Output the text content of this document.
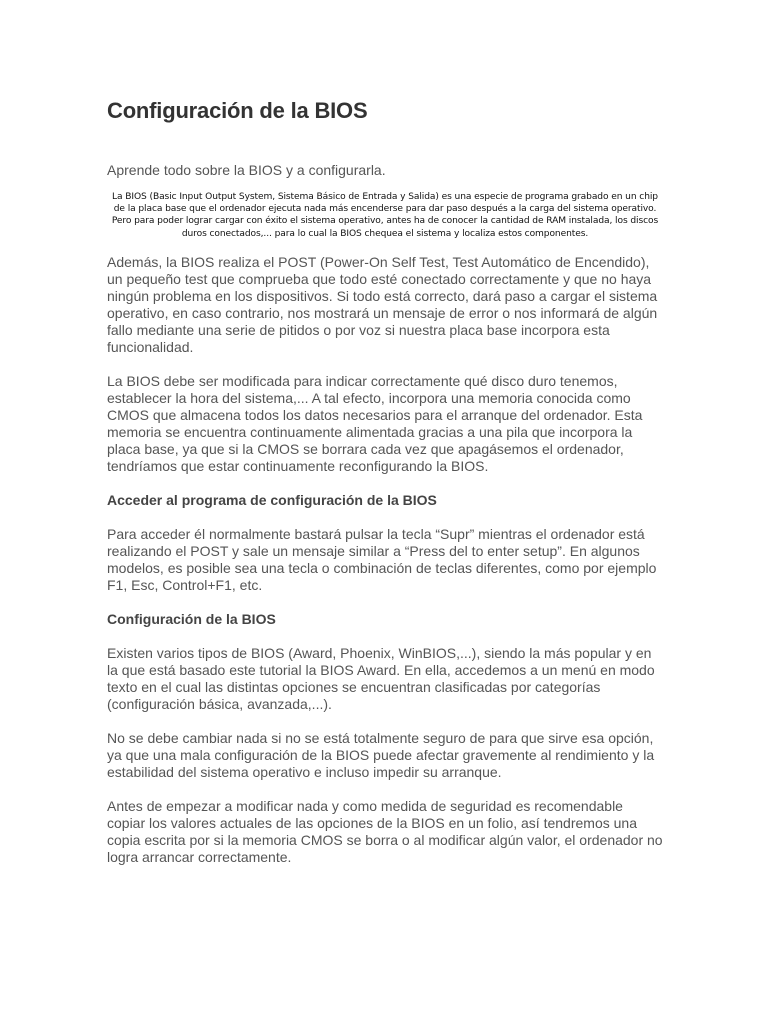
Configuración de la BIOS

Aprende todo sobre la BIOS y a configurarla.

La BIOS (Basic Input Output System, Sistema Básico de Entrada y Salida) es una especie de programa grabado en un chip de la placa base que el ordenador ejecuta nada más encenderse para dar paso después a la carga del sistema operativo. Pero para poder lograr cargar con éxito el sistema operativo, antes ha de conocer la cantidad de RAM instalada, los discos duros conectados,... para lo cual la BIOS chequea el sistema y localiza estos componentes.

Además, la BIOS realiza el POST (Power-On Self Test, Test Automático de Encendido), un pequeño test que comprueba que todo esté conectado correctamente y que no haya ningún problema en los dispositivos. Si todo está correcto, dará paso a cargar el sistema operativo, en caso contrario, nos mostrará un mensaje de error o nos informará de algún fallo mediante una serie de pitidos o por voz si nuestra placa base incorpora esta funcionalidad.

La BIOS debe ser modificada para indicar correctamente qué disco duro tenemos, establecer la hora del sistema,... A tal efecto, incorpora una memoria conocida como CMOS que almacena todos los datos necesarios para el arranque del ordenador. Esta memoria se encuentra continuamente alimentada gracias a una pila que incorpora la placa base, ya que si la CMOS se borrara cada vez que apagásemos el ordenador, tendríamos que estar continuamente reconfigurando la BIOS.

Acceder al programa de configuración de la BIOS

Para acceder él normalmente bastará pulsar la tecla “Supr” mientras el ordenador está realizando el POST y sale un mensaje similar a “Press del to enter setup”. En algunos modelos, es posible sea una tecla o combinación de teclas diferentes, como por ejemplo F1, Esc, Control+F1, etc.

Configuración de la BIOS

Existen varios tipos de BIOS (Award, Phoenix, WinBIOS,...), siendo la más popular y en la que está basado este tutorial la BIOS Award. En ella, accedemos a un menú en modo texto en el cual las distintas opciones se encuentran clasificadas por categorías (configuración básica, avanzada,...).

No se debe cambiar nada si no se está totalmente seguro de para que sirve esa opción, ya que una mala configuración de la BIOS puede afectar gravemente al rendimiento y la estabilidad del sistema operativo e incluso impedir su arranque.

Antes de empezar a modificar nada y como medida de seguridad es recomendable copiar los valores actuales de las opciones de la BIOS en un folio, así tendremos una copia escrita por si la memoria CMOS se borra o al modificar algún valor, el ordenador no logra arrancar correctamente.
